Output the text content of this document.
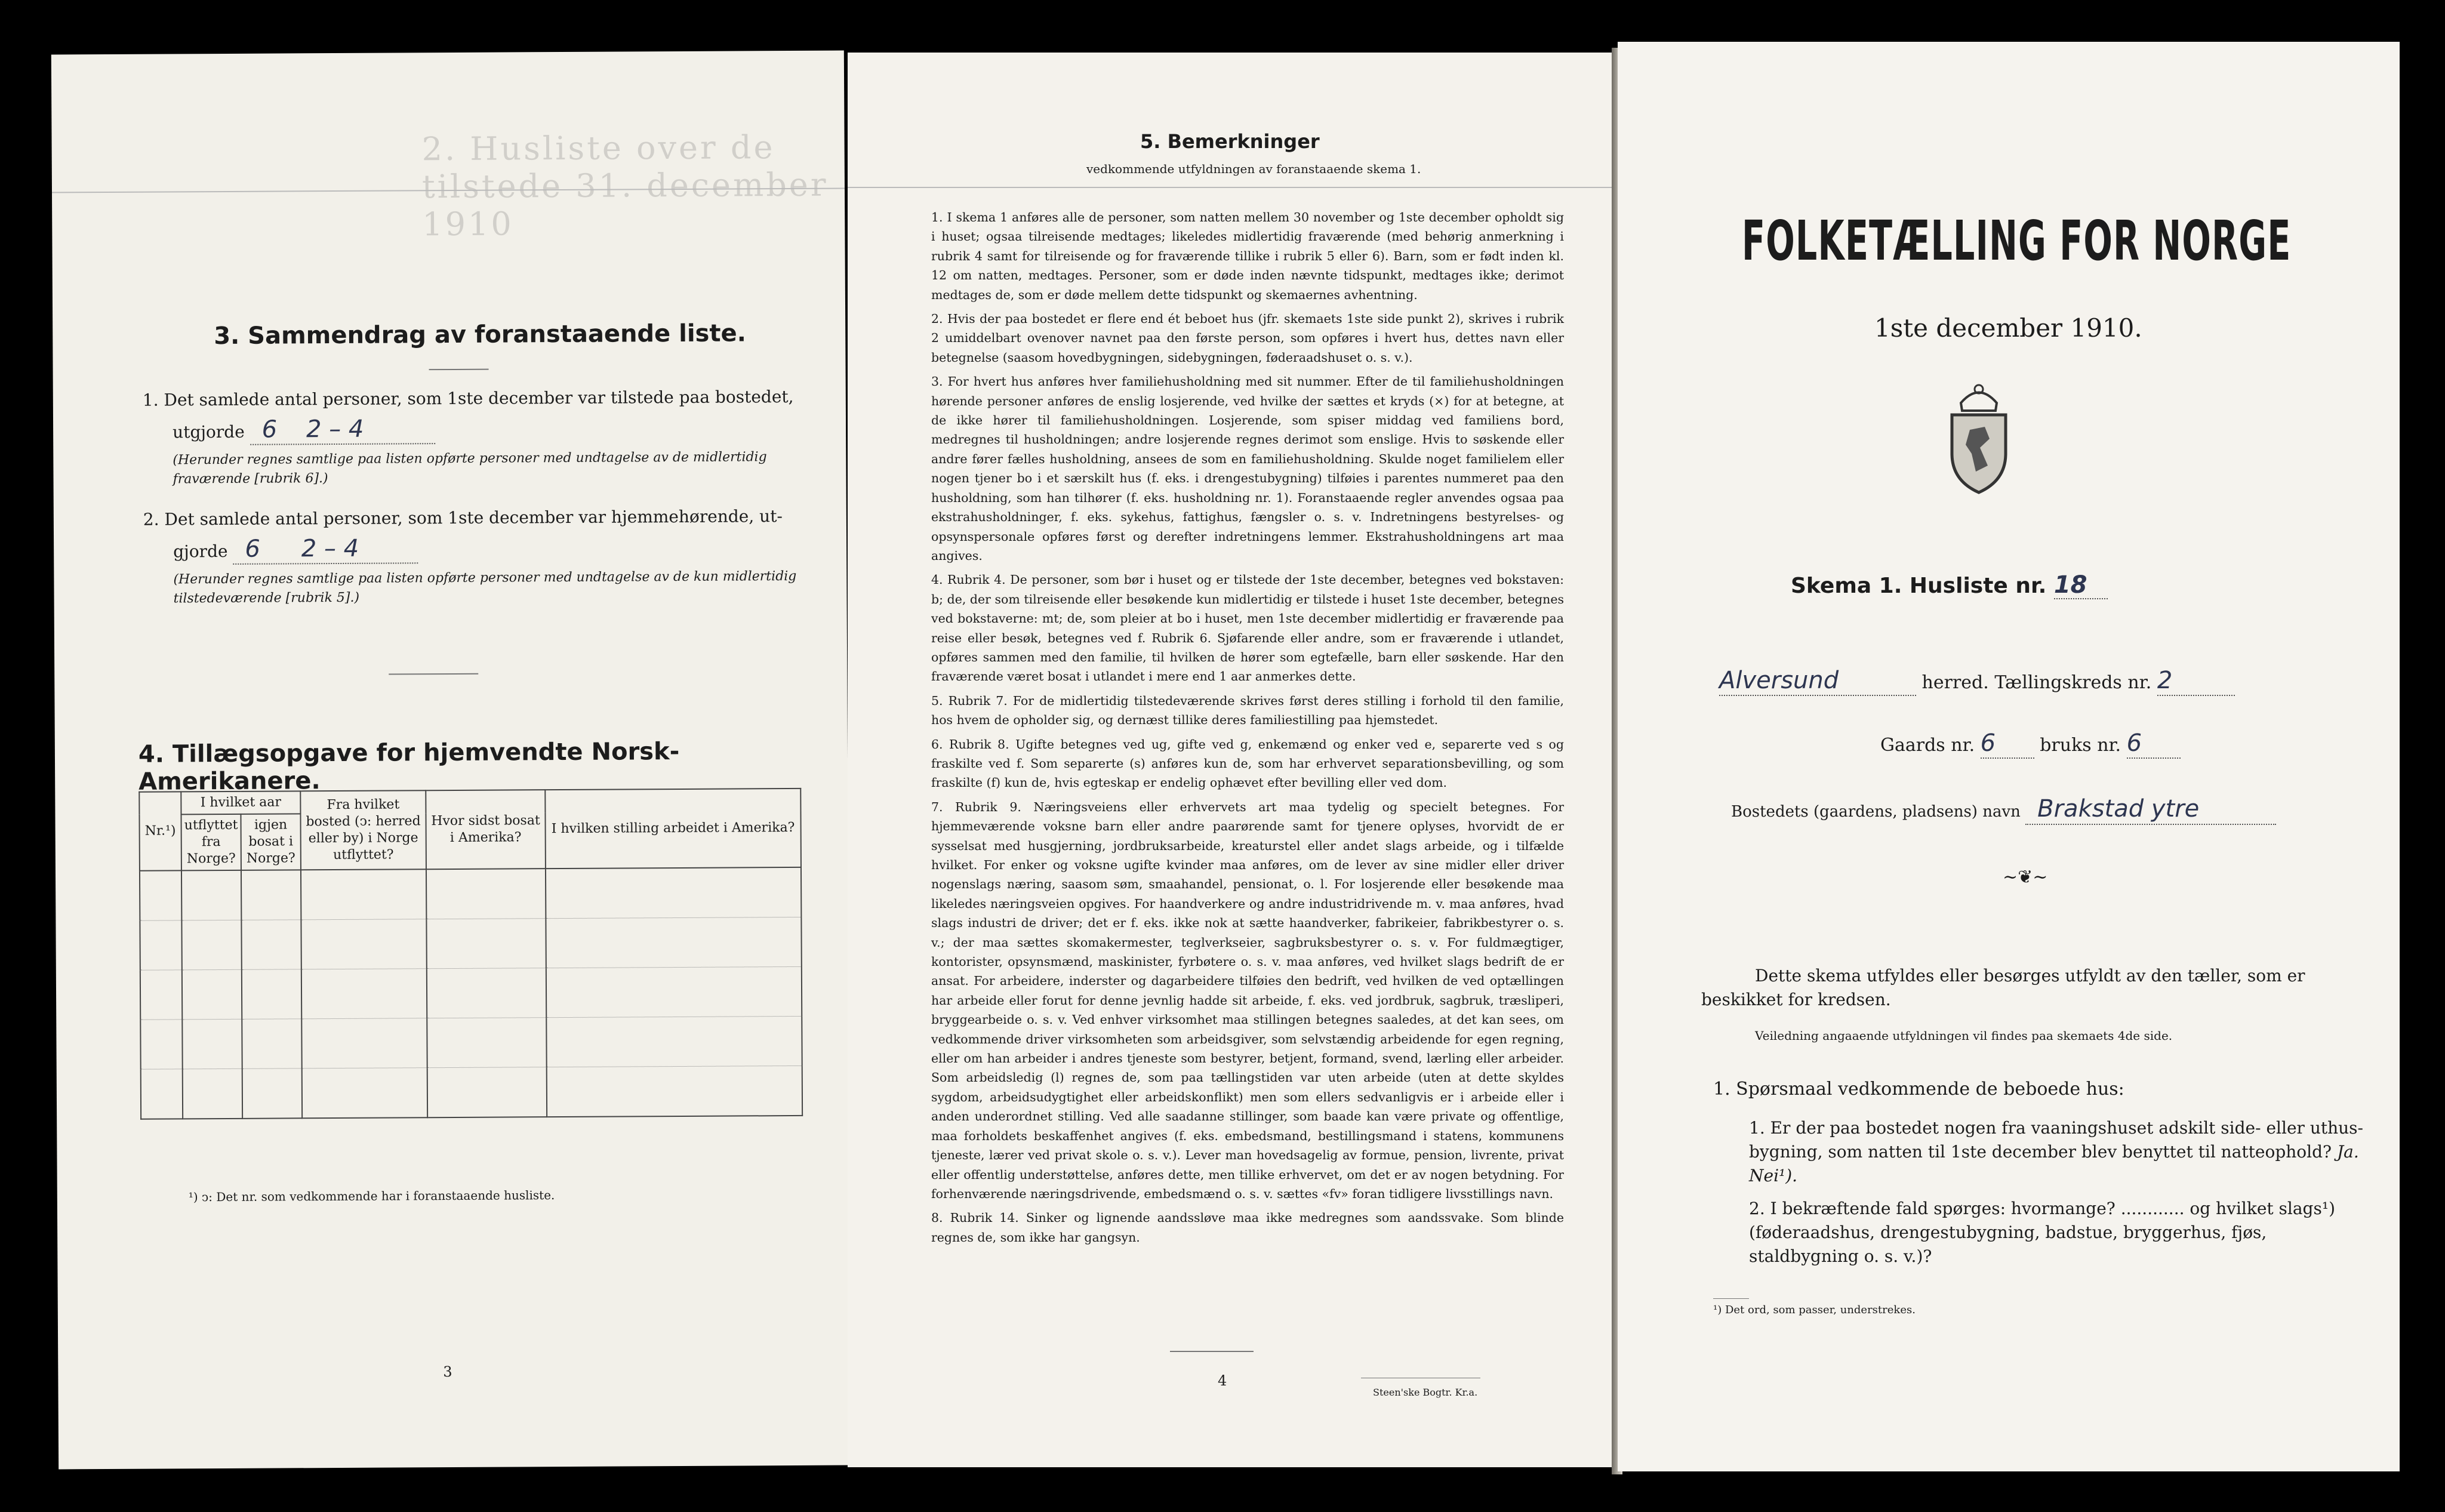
2. Husliste over de tilstede 31. december 1910
3. Sammendrag av foranstaaende liste.
1. Det samlede antal personer, som 1ste december var tilstede paa bostedet,
utgjorde 6 2 – 4
(Herunder regnes samtlige paa listen opførte personer med undtagelse av de midlertidig fraværende [rubrik 6].)
2. Det samlede antal personer, som 1ste december var hjemmehørende, ut-
gjorde 6 2 – 4
(Herunder regnes samtlige paa listen opførte personer med undtagelse av de kun midlertidig tilstedeværende [rubrik 5].)
4. Tillægsopgave for hjemvendte Norsk-Amerikanere.
Nr.¹)	I hvilket aar		Fra hvilket bosted (ↄ: herred eller by) i Norge utflyttet?	Hvor sidst bosat i Amerika?	I hvilken stilling arbeidet i Amerika?
	utflyttet fra Norge?	igjen bosat i Norge?			

¹) ↄ: Det nr. som vedkommende har i foranstaaende husliste.
3
5. Bemerkninger
vedkommende utfyldningen av foranstaaende skema 1.

1. I skema 1 anføres alle de personer, som natten mellem 30 november og 1ste december opholdt sig i huset; ogsaa tilreisende medtages; likeledes midlertidig fraværende (med behørig anmerkning i rubrik 4 samt for tilreisende og for fraværende tillike i rubrik 5 eller 6). Barn, som er født inden kl. 12 om natten, medtages. Personer, som er døde inden nævnte tidspunkt, medtages ikke; derimot medtages de, som er døde mellem dette tidspunkt og skemaernes avhentning.

2. Hvis der paa bostedet er flere end ét beboet hus (jfr. skemaets 1ste side punkt 2), skrives i rubrik 2 umiddelbart ovenover navnet paa den første person, som opføres i hvert hus, dettes navn eller betegnelse (saasom hovedbygningen, sidebygningen, føderaadshuset o. s. v.).

3. For hvert hus anføres hver familiehusholdning med sit nummer. Efter de til familiehusholdningen hørende personer anføres de enslig losjerende, ved hvilke der sættes et kryds (×) for at betegne, at de ikke hører til familiehusholdningen. Losjerende, som spiser middag ved familiens bord, medregnes til husholdningen; andre losjerende regnes derimot som enslige. Hvis to søskende eller andre fører fælles husholdning, ansees de som en familiehusholdning. Skulde noget familielem eller nogen tjener bo i et særskilt hus (f. eks. i drengestubygning) tilføies i parentes nummeret paa den husholdning, som han tilhører (f. eks. husholdning nr. 1). Foranstaaende regler anvendes ogsaa paa ekstrahusholdninger, f. eks. sykehus, fattighus, fængsler o. s. v. Indretningens bestyrelses- og opsynspersonale opføres først og derefter indretningens lemmer. Ekstrahusholdningens art maa angives.

4. Rubrik 4. De personer, som bør i huset og er tilstede der 1ste december, betegnes ved bokstaven: b; de, der som tilreisende eller besøkende kun midlertidig er tilstede i huset 1ste december, betegnes ved bokstaverne: mt; de, som pleier at bo i huset, men 1ste december midlertidig er fraværende paa reise eller besøk, betegnes ved f. Rubrik 6. Sjøfarende eller andre, som er fraværende i utlandet, opføres sammen med den familie, til hvilken de hører som egtefælle, barn eller søskende. Har den fraværende været bosat i utlandet i mere end 1 aar anmerkes dette.

5. Rubrik 7. For de midlertidig tilstedeværende skrives først deres stilling i forhold til den familie, hos hvem de opholder sig, og dernæst tillike deres familiestilling paa hjemstedet.

6. Rubrik 8. Ugifte betegnes ved ug, gifte ved g, enkemænd og enker ved e, separerte ved s og fraskilte ved f. Som separerte (s) anføres kun de, som har erhvervet separationsbevilling, og som fraskilte (f) kun de, hvis egteskap er endelig ophævet efter bevilling eller ved dom.

7. Rubrik 9. Næringsveiens eller erhvervets art maa tydelig og specielt betegnes. For hjemmeværende voksne barn eller andre paarørende samt for tjenere oplyses, hvorvidt de er sysselsat med husgjerning, jordbruksarbeide, kreaturstel eller andet slags arbeide, og i tilfælde hvilket. For enker og voksne ugifte kvinder maa anføres, om de lever av sine midler eller driver nogenslags næring, saasom søm, smaahandel, pensionat, o. l. For losjerende eller besøkende maa likeledes næringsveien opgives. For haandverkere og andre industridrivende m. v. maa anføres, hvad slags industri de driver; det er f. eks. ikke nok at sætte haandverker, fabrikeier, fabrikbestyrer o. s. v.; der maa sættes skomakermester, teglverkseier, sagbruksbestyrer o. s. v. For fuldmægtiger, kontorister, opsynsmænd, maskinister, fyrbøtere o. s. v. maa anføres, ved hvilket slags bedrift de er ansat. For arbeidere, inderster og dagarbeidere tilføies den bedrift, ved hvilken de ved optællingen har arbeide eller forut for denne jevnlig hadde sit arbeide, f. eks. ved jordbruk, sagbruk, træsliperi, bryggearbeide o. s. v. Ved enhver virksomhet maa stillingen betegnes saaledes, at det kan sees, om vedkommende driver virksomheten som arbeidsgiver, som selvstændig arbeidende for egen regning, eller om han arbeider i andres tjeneste som bestyrer, betjent, formand, svend, lærling eller arbeider. Som arbeidsledig (l) regnes de, som paa tællingstiden var uten arbeide (uten at dette skyldes sygdom, arbeidsudygtighet eller arbeidskonflikt) men som ellers sedvanligvis er i arbeide eller i anden underordnet stilling. Ved alle saadanne stillinger, som baade kan være private og offentlige, maa forholdets beskaffenhet angives (f. eks. embedsmand, bestillingsmand i statens, kommunens tjeneste, lærer ved privat skole o. s. v.). Lever man hovedsagelig av formue, pension, livrente, privat eller offentlig understøttelse, anføres dette, men tillike erhvervet, om det er av nogen betydning. For forhenværende næringsdrivende, embedsmænd o. s. v. sættes «fv» foran tidligere livsstillings navn.

8. Rubrik 14. Sinker og lignende aandssløve maa ikke medregnes som aandssvake. Som blinde regnes de, som ikke har gangsyn.

4
Steen'ske Bogtr. Kr.a.
FOLKETÆLLING FOR NORGE
1ste december 1910.
Skema 1. Husliste nr. 18
Alversund	herred. Tællingskreds nr. 2
Gaards nr. 6 bruks nr. 6
Bostedets (gaardens, pladsens) navn Brakstad ytre
∼❦∼
Dette skema utfyldes eller besørges utfyldt av den tæller, som er beskikket for kredsen.
Veiledning angaaende utfyldningen vil findes paa skemaets 4de side.
1. Spørsmaal vedkommende de beboede hus:
1. Er der paa bostedet nogen fra vaaningshuset adskilt side- eller uthus-bygning, som natten til 1ste december blev benyttet til natteophold? Ja. Nei¹).
2. I bekræftende fald spørges: hvormange? ............ og hvilket slags¹) (føderaadshus, drengestubygning, badstue, bryggerhus, fjøs, staldbygning o. s. v.)?
¹) Det ord, som passer, understrekes.
